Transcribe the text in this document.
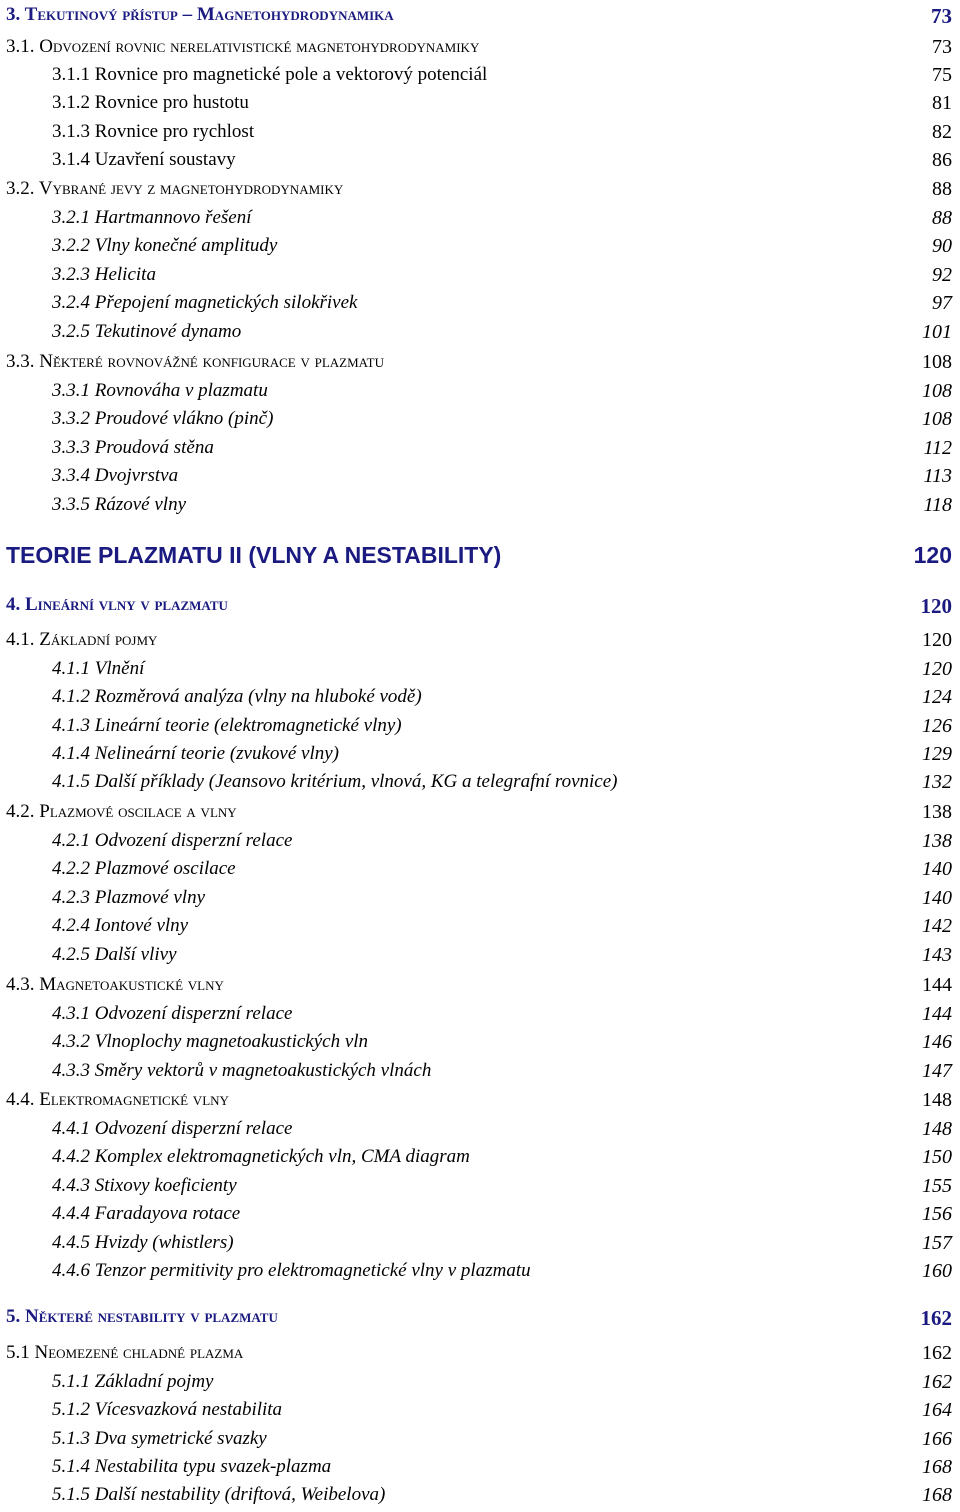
3. Tekutinový přístup – Magnetohydrodynamika	73
3.1. Odvození rovnic nerelativistické magnetohydrodynamiky	73
3.1.1 Rovnice pro magnetické pole a vektorový potenciál	75
3.1.2 Rovnice pro hustotu	81
3.1.3 Rovnice pro rychlost	82
3.1.4 Uzavření soustavy	86
3.2. Vybrané jevy z magnetohydrodynamiky	88
3.2.1 Hartmannovo řešení	88
3.2.2 Vlny konečné amplitudy	90
3.2.3 Helicita	92
3.2.4 Přepojení magnetických silokřivek	97
3.2.5 Tekutinové dynamo	101
3.3. Některé rovnovážné konfigurace v plazmatu	108
3.3.1 Rovnováha v plazmatu	108
3.3.2 Proudové vlákno (pinč)	108
3.3.3 Proudová stěna	112
3.3.4 Dvojvrstva	113
3.3.5 Rázové vlny	118
TEORIE PLAZMATU II (VLNY A NESTABILITY)	120
4. Lineární vlny v plazmatu	120
4.1. Základní pojmy	120
4.1.1 Vlnění	120
4.1.2 Rozměrová analýza (vlny na hluboké vodě)	124
4.1.3 Lineární teorie (elektromagnetické vlny)	126
4.1.4 Nelineární teorie (zvukové vlny)	129
4.1.5 Další příklady (Jeansovo kritérium, vlnová, KG a telegrafní rovnice)	132
4.2. Plazmové oscilace a vlny	138
4.2.1 Odvození disperzní relace	138
4.2.2 Plazmové oscilace	140
4.2.3 Plazmové vlny	140
4.2.4 Iontové vlny	142
4.2.5 Další vlivy	143
4.3. Magnetoakustické vlny	144
4.3.1 Odvození disperzní relace	144
4.3.2 Vlnoplochy magnetoakustických vln	146
4.3.3 Směry vektorů v magnetoakustických vlnách	147
4.4. Elektromagnetické vlny	148
4.4.1 Odvození disperzní relace	148
4.4.2 Komplex elektromagnetických vln, CMA diagram	150
4.4.3 Stixovy koeficienty	155
4.4.4 Faradayova rotace	156
4.4.5 Hvizdy (whistlers)	157
4.4.6 Tenzor permitivity pro elektromagnetické vlny v plazmatu	160
5. Některé nestability v plazmatu	162
5.1 Neomezené chladné plazma	162
5.1.1 Základní pojmy	162
5.1.2 Vícesvazková nestabilita	164
5.1.3 Dva symetrické svazky	166
5.1.4 Nestabilita typu svazek-plazma	168
5.1.5 Další nestability (driftová, Weibelova)	168
